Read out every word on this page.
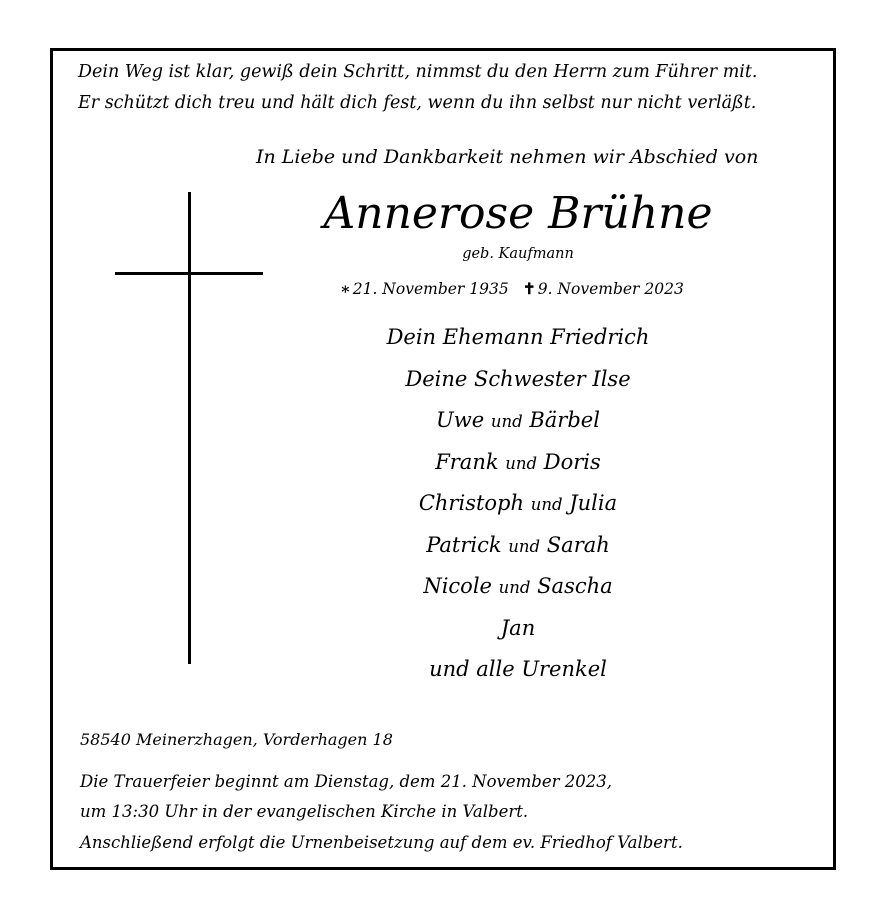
Dein Weg ist klar, gewiß dein Schritt, nimmst du den Herrn zum Führer mit.
Er schützt dich treu und hält dich fest, wenn du ihn selbst nur nicht verläßt.
In Liebe und Dankbarkeit nehmen wir Abschied von
Annerose Brühne
geb. Kaufmann
∗ 21. November 1935 ✝ 9. November 2023
Dein Ehemann Friedrich
Deine Schwester Ilse
Uwe und Bärbel
Frank und Doris
Christoph und Julia
Patrick und Sarah
Nicole und Sascha
Jan
und alle Urenkel
58540 Meinerzhagen, Vorderhagen 18
Die Trauerfeier beginnt am Dienstag, dem 21. November 2023,
um 13:30 Uhr in der evangelischen Kirche in Valbert.
Anschließend erfolgt die Urnenbeisetzung auf dem ev. Friedhof Valbert.
